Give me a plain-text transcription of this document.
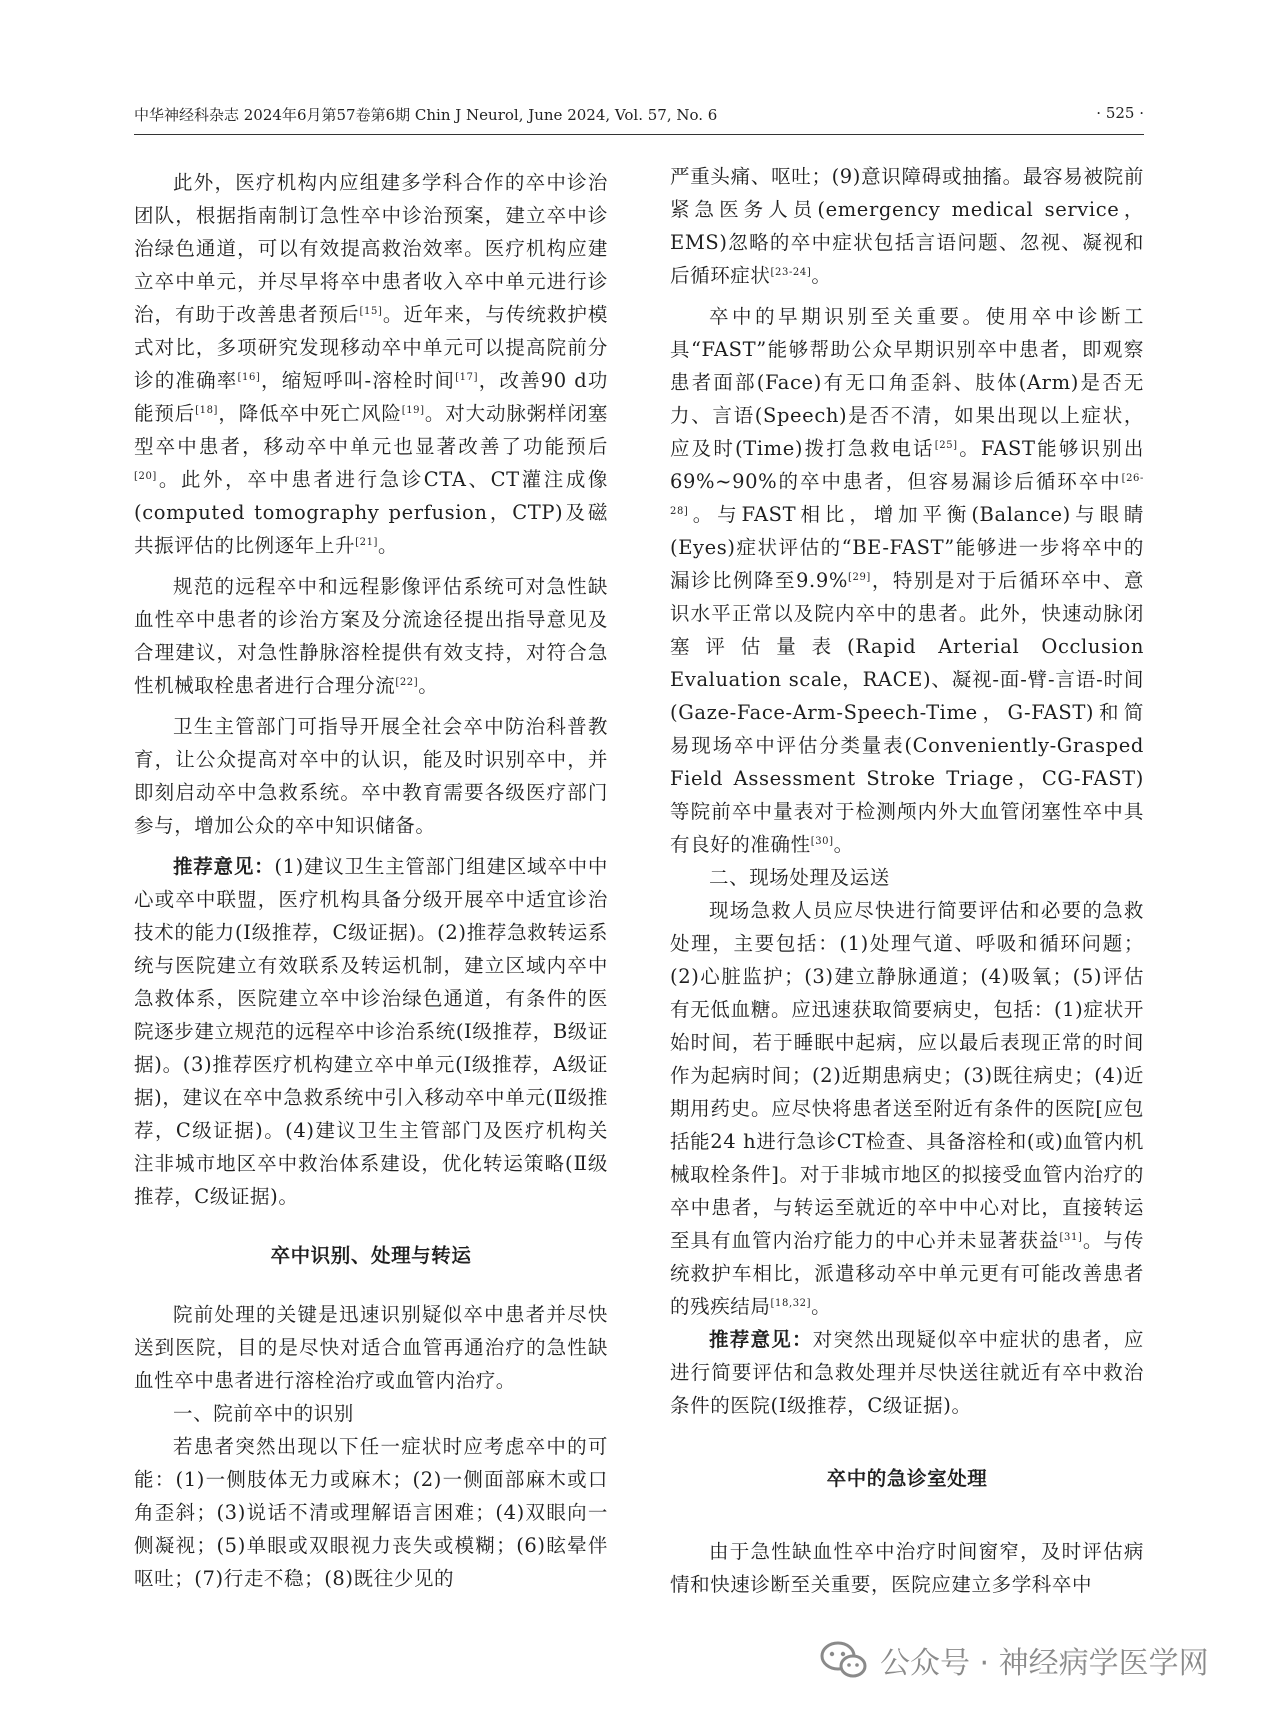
中华神经科杂志 2024年6月第57卷第6期 Chin J Neurol, June 2024, Vol. 57, No. 6	· 525 ·

此外，医疗机构内应组建多学科合作的卒中诊治团队，根据指南制订急性卒中诊治预案，建立卒中诊治绿色通道，可以有效提高救治效率。医疗机构应建立卒中单元，并尽早将卒中患者收入卒中单元进行诊治，有助于改善患者预后[15]。近年来，与传统救护模式对比，多项研究发现移动卒中单元可以提高院前分诊的准确率[16]，缩短呼叫-溶栓时间[17]，改善90 d功能预后[18]，降低卒中死亡风险[19]。对大动脉粥样闭塞型卒中患者，移动卒中单元也显著改善了功能预后[20]。此外，卒中患者进行急诊CTA、CT灌注成像(computed tomography perfusion，CTP)及磁共振评估的比例逐年上升[21]。

规范的远程卒中和远程影像评估系统可对急性缺血性卒中患者的诊治方案及分流途径提出指导意见及合理建议，对急性静脉溶栓提供有效支持，对符合急性机械取栓患者进行合理分流[22]。

卫生主管部门可指导开展全社会卒中防治科普教育，让公众提高对卒中的认识，能及时识别卒中，并即刻启动卒中急救系统。卒中教育需要各级医疗部门参与，增加公众的卒中知识储备。

推荐意见：(1)建议卫生主管部门组建区域卒中中心或卒中联盟，医疗机构具备分级开展卒中适宜诊治技术的能力(Ⅰ级推荐，C级证据)。(2)推荐急救转运系统与医院建立有效联系及转运机制，建立区域内卒中急救体系，医院建立卒中诊治绿色通道，有条件的医院逐步建立规范的远程卒中诊治系统(Ⅰ级推荐，B级证据)。(3)推荐医疗机构建立卒中单元(Ⅰ级推荐，A级证据)，建议在卒中急救系统中引入移动卒中单元(Ⅱ级推荐，C级证据)。(4)建议卫生主管部门及医疗机构关注非城市地区卒中救治体系建设，优化转运策略(Ⅱ级推荐，C级证据)。

卒中识别、处理与转运

院前处理的关键是迅速识别疑似卒中患者并尽快送到医院，目的是尽快对适合血管再通治疗的急性缺血性卒中患者进行溶栓治疗或血管内治疗。

一、院前卒中的识别

若患者突然出现以下任一症状时应考虑卒中的可能：(1)一侧肢体无力或麻木；(2)一侧面部麻木或口角歪斜；(3)说话不清或理解语言困难；(4)双眼向一侧凝视；(5)单眼或双眼视力丧失或模糊；(6)眩晕伴呕吐；(7)行走不稳；(8)既往少见的

严重头痛、呕吐；(9)意识障碍或抽搐。最容易被院前紧急医务人员(emergency medical service，EMS)忽略的卒中症状包括言语问题、忽视、凝视和后循环症状[23-24]。

卒中的早期识别至关重要。使用卒中诊断工具“FAST”能够帮助公众早期识别卒中患者，即观察患者面部(Face)有无口角歪斜、肢体(Arm)是否无力、言语(Speech)是否不清，如果出现以上症状，应及时(Time)拨打急救电话[25]。FAST能够识别出69%~90%的卒中患者，但容易漏诊后循环卒中[26-28]。与FAST相比，增加平衡(Balance)与眼睛(Eyes)症状评估的“BE-FAST”能够进一步将卒中的漏诊比例降至9.9%[29]，特别是对于后循环卒中、意识水平正常以及院内卒中的患者。此外，快速动脉闭塞评估量表(Rapid Arterial Occlusion Evaluation scale，RACE)、凝视-面-臂-言语-时间(Gaze-Face-Arm-Speech-Time，G-FAST)和简易现场卒中评估分类量表(Conveniently-Grasped Field Assessment Stroke Triage，CG-FAST)等院前卒中量表对于检测颅内外大血管闭塞性卒中具有良好的准确性[30]。

二、现场处理及运送

现场急救人员应尽快进行简要评估和必要的急救处理，主要包括：(1)处理气道、呼吸和循环问题；(2)心脏监护；(3)建立静脉通道；(4)吸氧；(5)评估有无低血糖。应迅速获取简要病史，包括：(1)症状开始时间，若于睡眠中起病，应以最后表现正常的时间作为起病时间；(2)近期患病史；(3)既往病史；(4)近期用药史。应尽快将患者送至附近有条件的医院[应包括能24 h进行急诊CT检查、具备溶栓和(或)血管内机械取栓条件]。对于非城市地区的拟接受血管内治疗的卒中患者，与转运至就近的卒中中心对比，直接转运至具有血管内治疗能力的中心并未显著获益[31]。与传统救护车相比，派遣移动卒中单元更有可能改善患者的残疾结局[18,32]。

推荐意见：对突然出现疑似卒中症状的患者，应进行简要评估和急救处理并尽快送往就近有卒中救治条件的医院(Ⅰ级推荐，C级证据)。

卒中的急诊室处理

由于急性缺血性卒中治疗时间窗窄，及时评估病情和快速诊断至关重要，医院应建立多学科卒中

公众号 · 神经病学医学网
